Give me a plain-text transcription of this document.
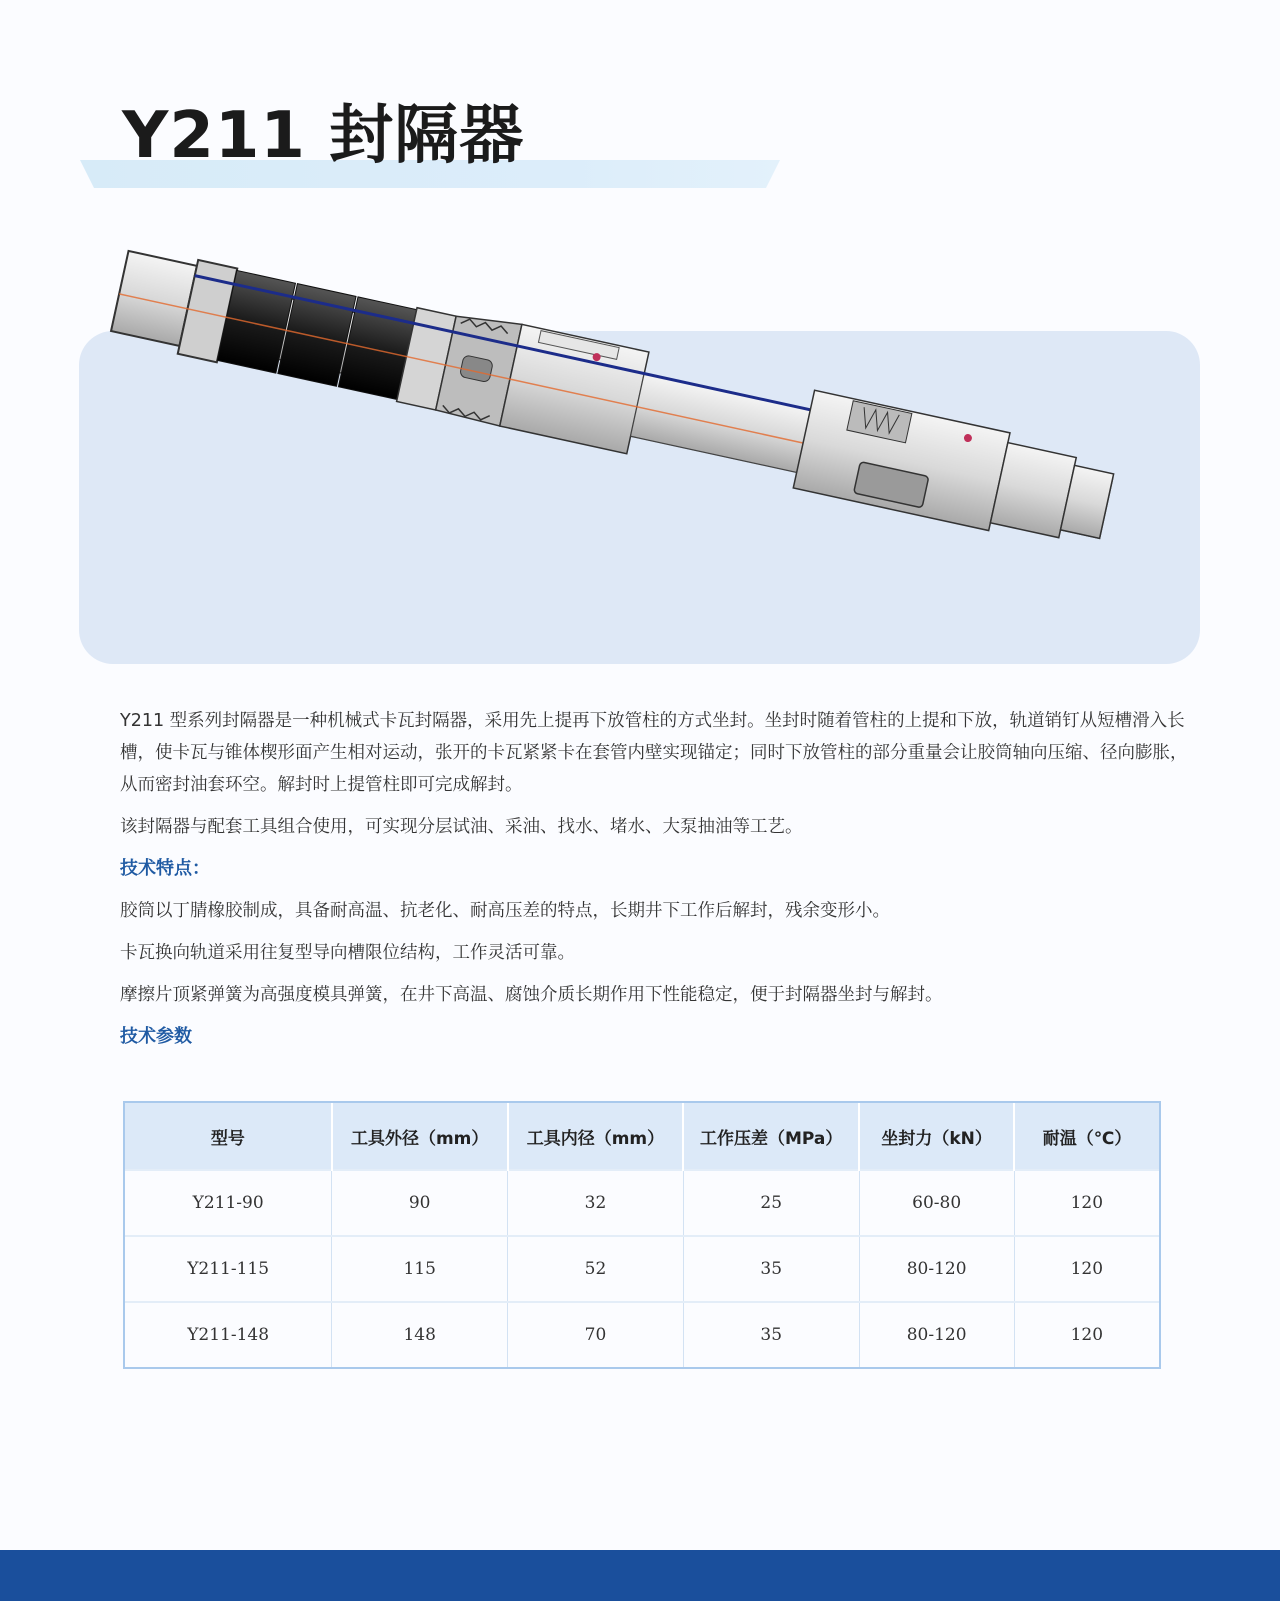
Y211 封隔器

Y211 型系列封隔器是一种机械式卡瓦封隔器，采用先上提再下放管柱的方式坐封。坐封时随着管柱的上提和下放，轨道销钉从短槽滑入长槽，使卡瓦与锥体楔形面产生相对运动，张开的卡瓦紧紧卡在套管内壁实现锚定；同时下放管柱的部分重量会让胶筒轴向压缩、径向膨胀，从而密封油套环空。解封时上提管柱即可完成解封。

该封隔器与配套工具组合使用，可实现分层试油、采油、找水、堵水、大泵抽油等工艺。

技术特点：

胶筒以丁腈橡胶制成，具备耐高温、抗老化、耐高压差的特点，长期井下工作后解封，残余变形小。

卡瓦换向轨道采用往复型导向槽限位结构，工作灵活可靠。

摩擦片顶紧弹簧为高强度模具弹簧，在井下高温、腐蚀介质长期作用下性能稳定，便于封隔器坐封与解封。

技术参数

型号	工具外径（mm）	工具内径（mm）	工作压差（MPa）	坐封力（kN）	耐温（℃）
Y211-90	90	32	25	60-80	120
Y211-115	115	52	35	80-120	120
Y211-148	148	70	35	80-120	120
